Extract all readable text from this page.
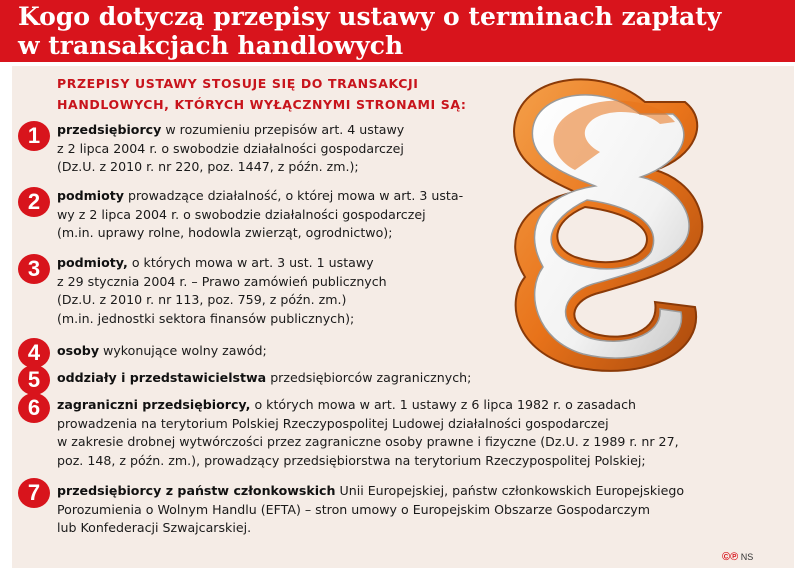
Kogo dotyczą przepisy ustawy o terminach zapłaty
w transakcjach handlowych
PRZEPISY USTAWY STOSUJE SIĘ DO TRANSAKCJI
HANDLOWYCH, KTÓRYCH WYŁĄCZNYMI STRONAMI SĄ:
1	przedsiębiorcy w rozumieniu przepisów art. 4 ustawy
z 2 lipca 2004 r. o swobodzie działalności gospodarczej
(Dz.U. z 2010 r. nr 220, poz. 1447, z późn. zm.);
2	podmioty prowadzące działalność, o której mowa w art. 3 usta-
wy z 2 lipca 2004 r. o swobodzie działalności gospodarczej
(m.in. uprawy rolne, hodowla zwierząt, ogrodnictwo);
3	podmioty, o których mowa w art. 3 ust. 1 ustawy
z 29 stycznia 2004 r. – Prawo zamówień publicznych
(Dz.U. z 2010 r. nr 113, poz. 759, z późn. zm.)
(m.in. jednostki sektora finansów publicznych);
4	osoby wykonujące wolny zawód;
5	oddziały i przedstawicielstwa przedsiębiorców zagranicznych;
6	zagraniczni przedsiębiorcy, o których mowa w art. 1 ustawy z 6 lipca 1982 r. o zasadach
prowadzenia na terytorium Polskiej Rzeczypospolitej Ludowej działalności gospodarczej
w zakresie drobnej wytwórczości przez zagraniczne osoby prawne i fizyczne (Dz.U. z 1989 r. nr 27,
poz. 148, z późn. zm.), prowadzący przedsiębiorstwa na terytorium Rzeczypospolitej Polskiej;
7	przedsiębiorcy z państw członkowskich Unii Europejskiej, państw członkowskich Europejskiego
Porozumienia o Wolnym Handlu (EFTA) – stron umowy o Europejskim Obszarze Gospodarczym
lub Konfederacji Szwajcarskiej.
©℗ NS
